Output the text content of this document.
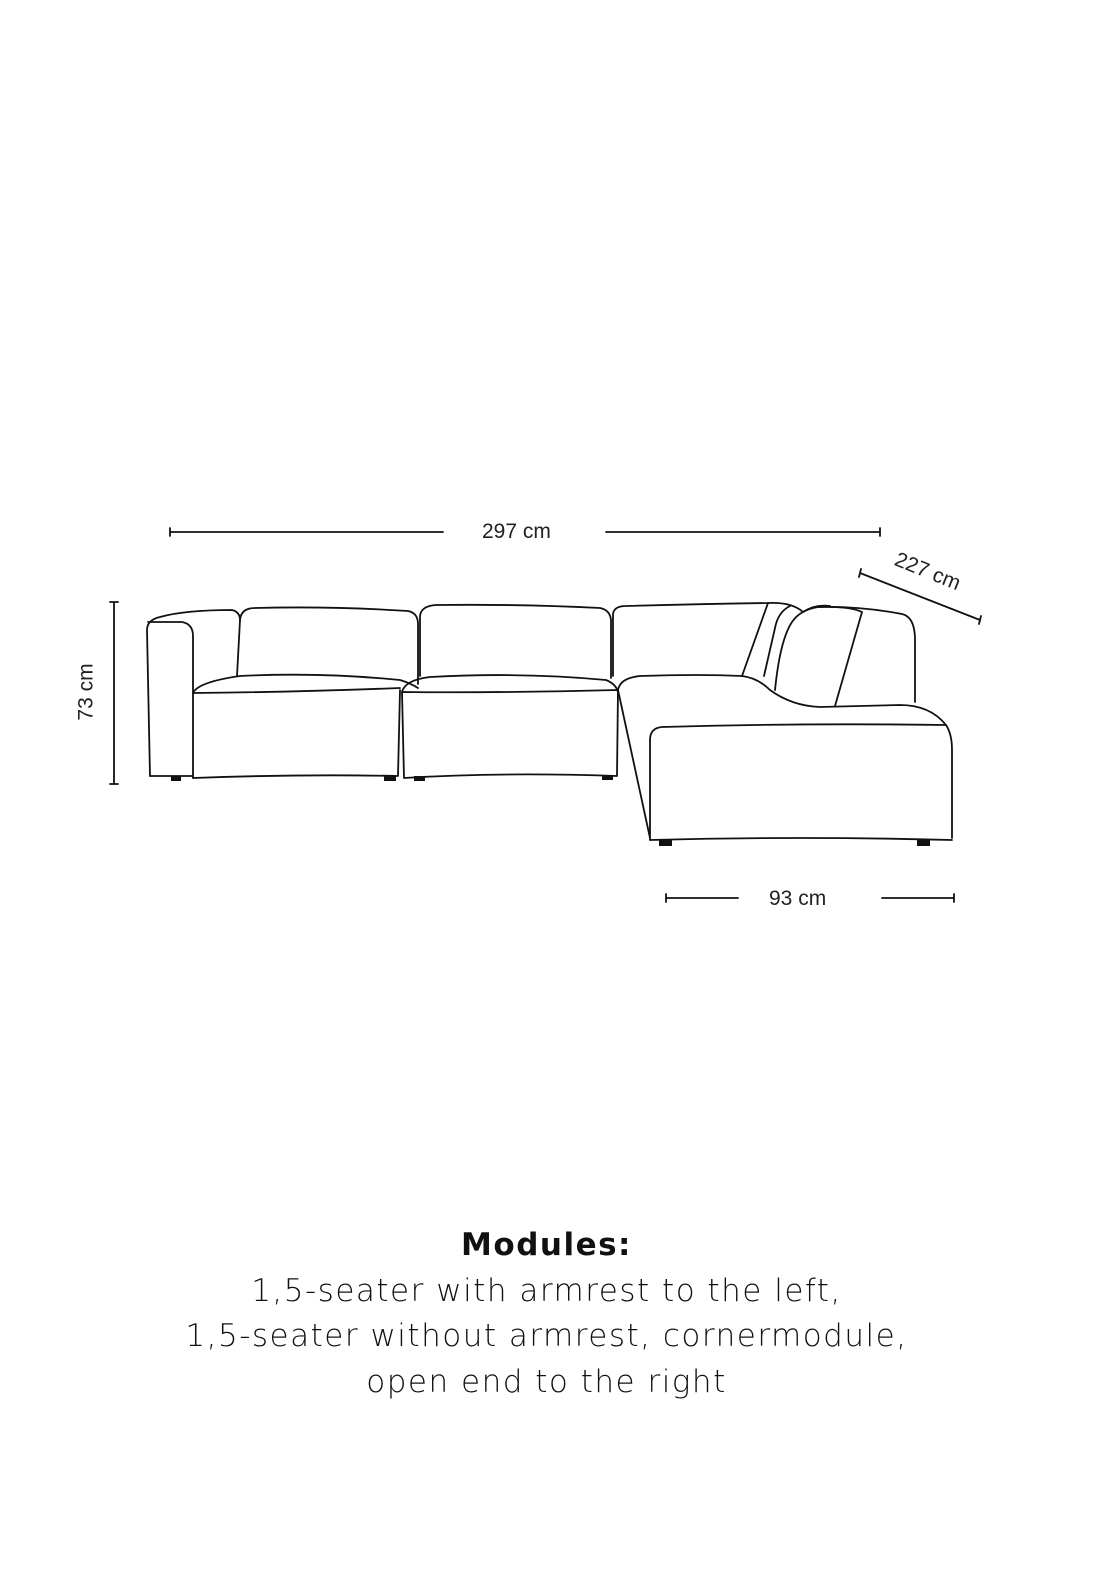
297 cm
73 cm
227 cm
93 cm
Modules:
1,5-seater with armrest to the left,
1,5-seater without armrest, cornermodule,
open end to the right
